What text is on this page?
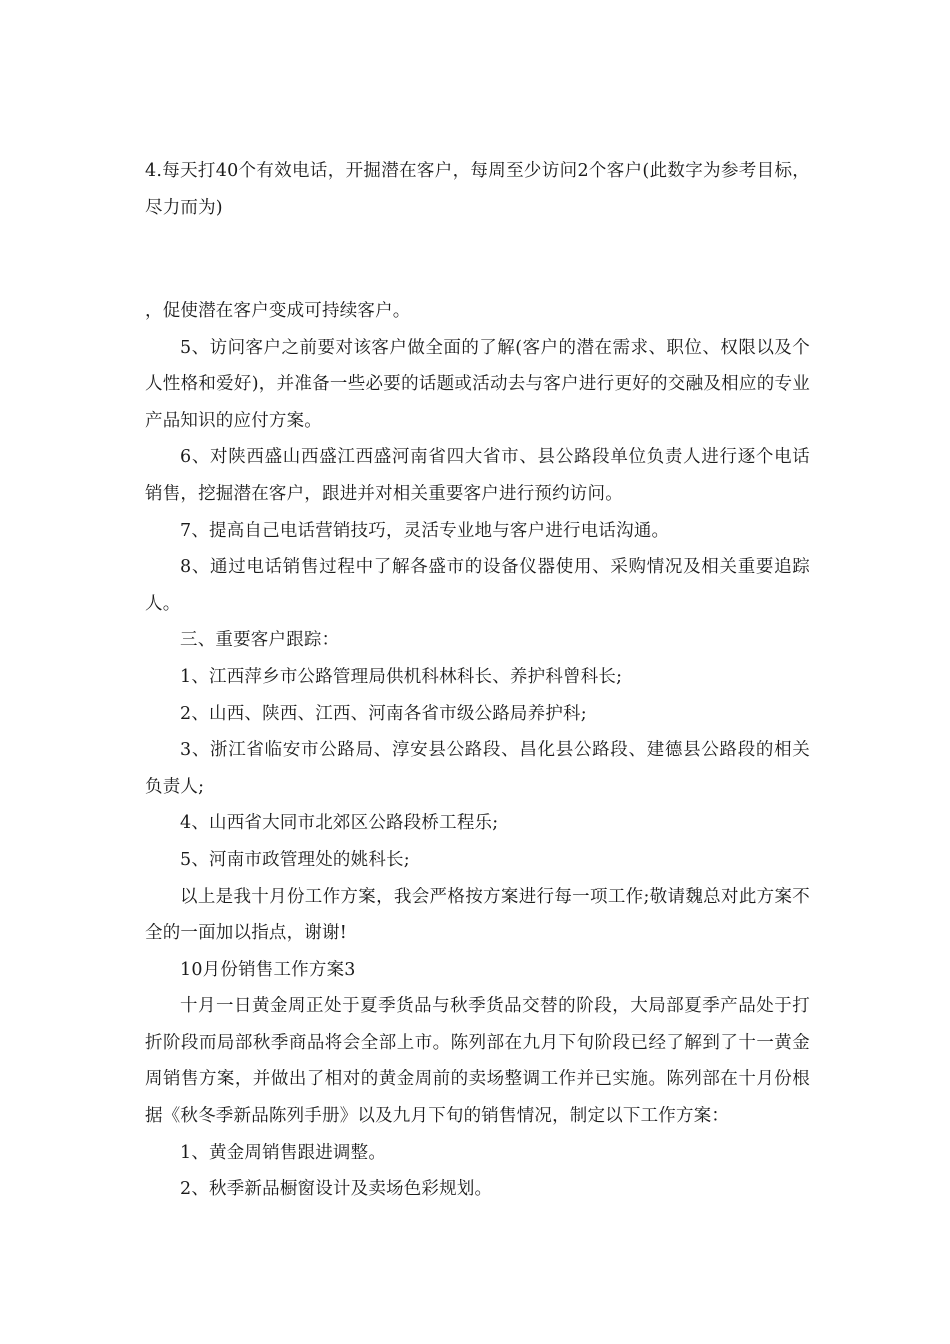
4.每天打40个有效电话，开掘潜在客户，每周至少访问2个客户(此数字为参考目标，尽力而为)

，促使潜在客户变成可持续客户。

5、访问客户之前要对该客户做全面的了解(客户的潜在需求、职位、权限以及个人性格和爱好)，并准备一些必要的话题或活动去与客户进行更好的交融及相应的专业产品知识的应付方案。

6、对陕西盛山西盛江西盛河南省四大省市、县公路段单位负责人进行逐个电话销售，挖掘潜在客户，跟进并对相关重要客户进行预约访问。

7、提高自己电话营销技巧，灵活专业地与客户进行电话沟通。

8、通过电话销售过程中了解各盛市的设备仪器使用、采购情况及相关重要追踪人。

三、重要客户跟踪：

1、江西萍乡市公路管理局供机科林科长、养护科曾科长;

2、山西、陕西、江西、河南各省市级公路局养护科;

3、浙江省临安市公路局、淳安县公路段、昌化县公路段、建德县公路段的相关负责人;

4、山西省大同市北郊区公路段桥工程乐;

5、河南市政管理处的姚科长;

以上是我十月份工作方案，我会严格按方案进行每一项工作;敬请魏总对此方案不全的一面加以指点，谢谢!

10月份销售工作方案3

十月一日黄金周正处于夏季货品与秋季货品交替的阶段，大局部夏季产品处于打折阶段而局部秋季商品将会全部上市。陈列部在九月下旬阶段已经了解到了十一黄金周销售方案，并做出了相对的黄金周前的卖场整调工作并已实施。陈列部在十月份根据《秋冬季新品陈列手册》以及九月下旬的销售情况，制定以下工作方案：

1、黄金周销售跟进调整。

2、秋季新品橱窗设计及卖场色彩规划。
